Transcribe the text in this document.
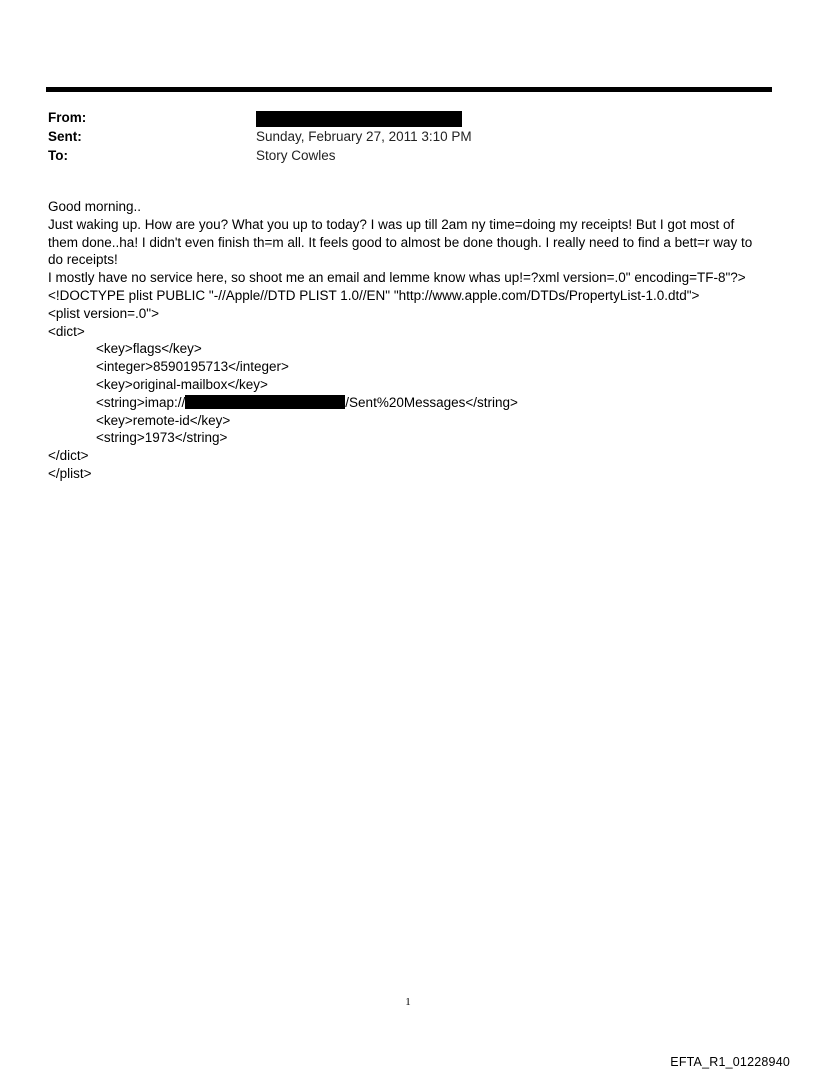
From:
Sent:	Sunday, February 27, 2011 3:10 PM
To:	Story Cowles
Good morning..
Just waking up. How are you? What you up to today? I was up till 2am ny time=doing my receipts! But I got most of
them done..ha! I didn't even finish th=m all. It feels good to almost be done though. I really need to find a bett=r way to
do receipts!
I mostly have no service here, so shoot me an email and lemme know whas up!=?xml version=.0" encoding=TF-8"?>
<!DOCTYPE plist PUBLIC "-//Apple//DTD PLIST 1.0//EN" "http://www.apple.com/DTDs/PropertyList-1.0.dtd">
<plist version=.0">
<dict>
<key>flags</key>
<integer>8590195713</integer>
<key>original-mailbox</key>
<string>imap://	/Sent%20Messages</string>
<key>remote-id</key>
<string>1973</string>
</dict>
</plist>
1
EFTA_R1_01228940
